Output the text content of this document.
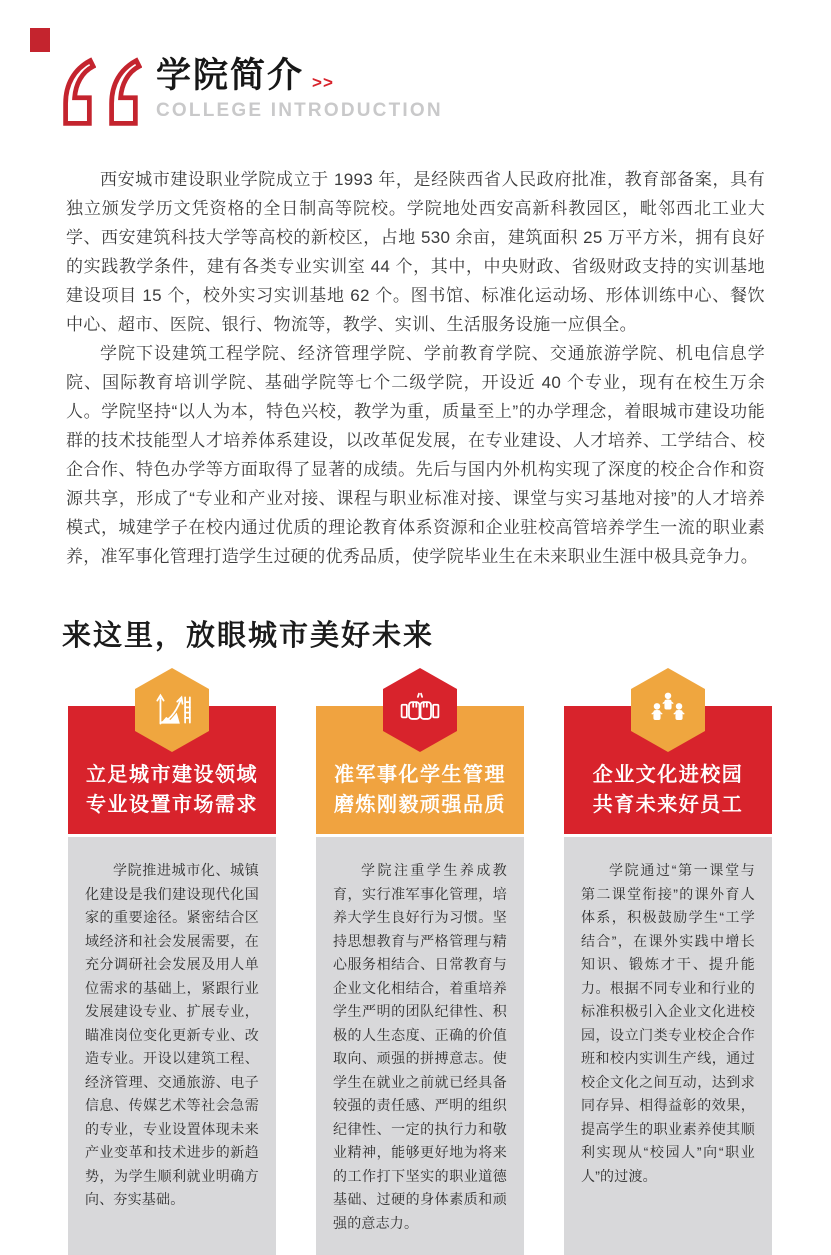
学院简介 >>
COLLEGE INTRODUCTION

西安城市建设职业学院成立于 1993 年，是经陕西省人民政府批准，教育部备案，具有独立颁发学历文凭资格的全日制高等院校。学院地处西安高新科教园区，毗邻西北工业大学、西安建筑科技大学等高校的新校区，占地 530 余亩，建筑面积 25 万平方米，拥有良好的实践教学条件，建有各类专业实训室 44 个，其中，中央财政、省级财政支持的实训基地建设项目 15 个，校外实习实训基地 62 个。图书馆、标准化运动场、形体训练中心、餐饮中心、超市、医院、银行、物流等，教学、实训、生活服务设施一应俱全。

学院下设建筑工程学院、经济管理学院、学前教育学院、交通旅游学院、机电信息学院、国际教育培训学院、基础学院等七个二级学院，开设近 40 个专业，现有在校生万余人。学院坚持“以人为本，特色兴校，教学为重，质量至上”的办学理念，着眼城市建设功能群的技术技能型人才培养体系建设，以改革促发展，在专业建设、人才培养、工学结合、校企合作、特色办学等方面取得了显著的成绩。先后与国内外机构实现了深度的校企合作和资源共享，形成了“专业和产业对接、课程与职业标准对接、课堂与实习基地对接”的人才培养模式，城建学子在校内通过优质的理论教育体系资源和企业驻校高管培养学生一流的职业素养，准军事化管理打造学生过硬的优秀品质，使学院毕业生在未来职业生涯中极具竞争力。

来这里，放眼城市美好未来
立足城市建设领域
专业设置市场需求

学院推进城市化、城镇化建设是我们建设现代化国家的重要途径。紧密结合区域经济和社会发展需要，在充分调研社会发展及用人单位需求的基础上，紧跟行业发展建设专业、扩展专业，瞄准岗位变化更新专业、改造专业。开设以建筑工程、经济管理、交通旅游、电子信息、传媒艺术等社会急需的专业，专业设置体现未来产业变革和技术进步的新趋势，为学生顺利就业明确方向、夯实基础。

准军事化学生管理
磨炼刚毅顽强品质

学院注重学生养成教育，实行准军事化管理，培养大学生良好行为习惯。坚持思想教育与严格管理与精心服务相结合、日常教育与企业文化相结合，着重培养学生严明的团队纪律性、积极的人生态度、正确的价值取向、顽强的拼搏意志。使学生在就业之前就已经具备较强的责任感、严明的组织纪律性、一定的执行力和敬业精神，能够更好地为将来的工作打下坚实的职业道德基础、过硬的身体素质和顽强的意志力。

企业文化进校园
共育未来好员工

学院通过“第一课堂与第二课堂衔接”的课外育人体系，积极鼓励学生“工学结合”，在课外实践中增长知识、锻炼才干、提升能力。根据不同专业和行业的标准积极引入企业文化进校园，设立门类专业校企合作班和校内实训生产线，通过校企文化之间互动，达到求同存异、相得益彰的效果，提高学生的职业素养使其顺利实现从“校园人”向“职业人”的过渡。
